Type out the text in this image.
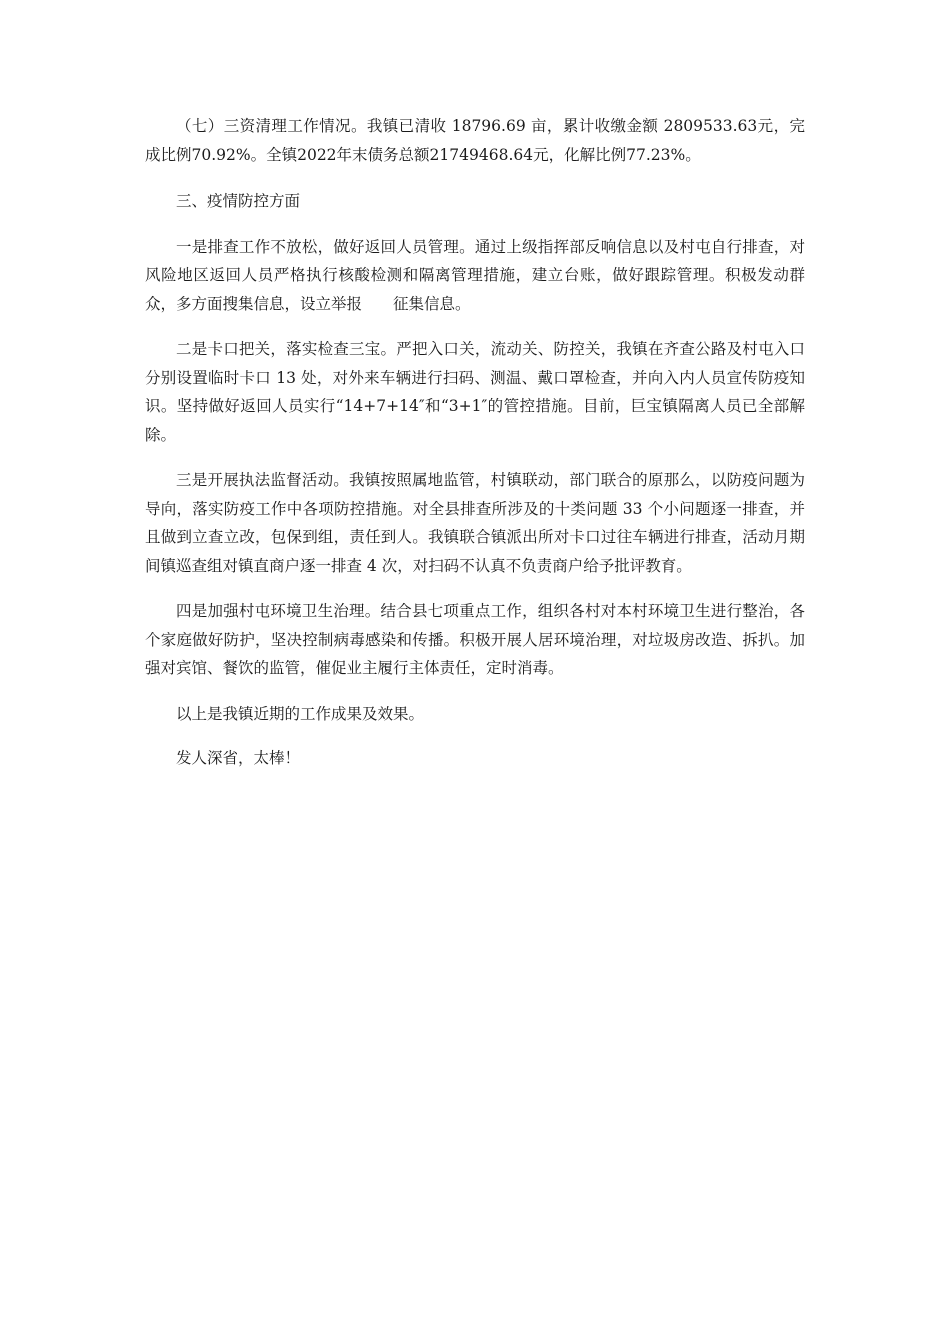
（七）三资清理工作情况。我镇已清收 18796.69 亩，累计收缴金额 2809533.63元，完成比例70.92%。全镇2022年末债务总额21749468.64元，化解比例77.23%。

三、疫情防控方面

一是排查工作不放松，做好返回人员管理。通过上级指挥部反响信息以及村屯自行排查，对风险地区返回人员严格执行核酸检测和隔离管理措施，建立台账，做好跟踪管理。积极发动群众，多方面搜集信息，设立举报　　征集信息。

二是卡口把关，落实检查三宝。严把入口关，流动关、防控关，我镇在齐查公路及村屯入口分别设置临时卡口 13 处，对外来车辆进行扫码、测温、戴口罩检查，并向入内人员宣传防疫知识。坚持做好返回人员实行“14+7+14″和“3+1″的管控措施。目前，巨宝镇隔离人员已全部解除。

三是开展执法监督活动。我镇按照属地监管，村镇联动，部门联合的原那么，以防疫问题为导向，落实防疫工作中各项防控措施。对全县排查所涉及的十类问题 33 个小问题逐一排查，并且做到立查立改，包保到组，责任到人。我镇联合镇派出所对卡口过往车辆进行排查，活动月期间镇巡查组对镇直商户逐一排查 4 次，对扫码不认真不负责商户给予批评教育。

四是加强村屯环境卫生治理。结合县七项重点工作，组织各村对本村环境卫生进行整治，各个家庭做好防护，坚决控制病毒感染和传播。积极开展人居环境治理，对垃圾房改造、拆扒。加强对宾馆、餐饮的监管，催促业主履行主体责任，定时消毒。

以上是我镇近期的工作成果及效果。

发人深省，太棒！
